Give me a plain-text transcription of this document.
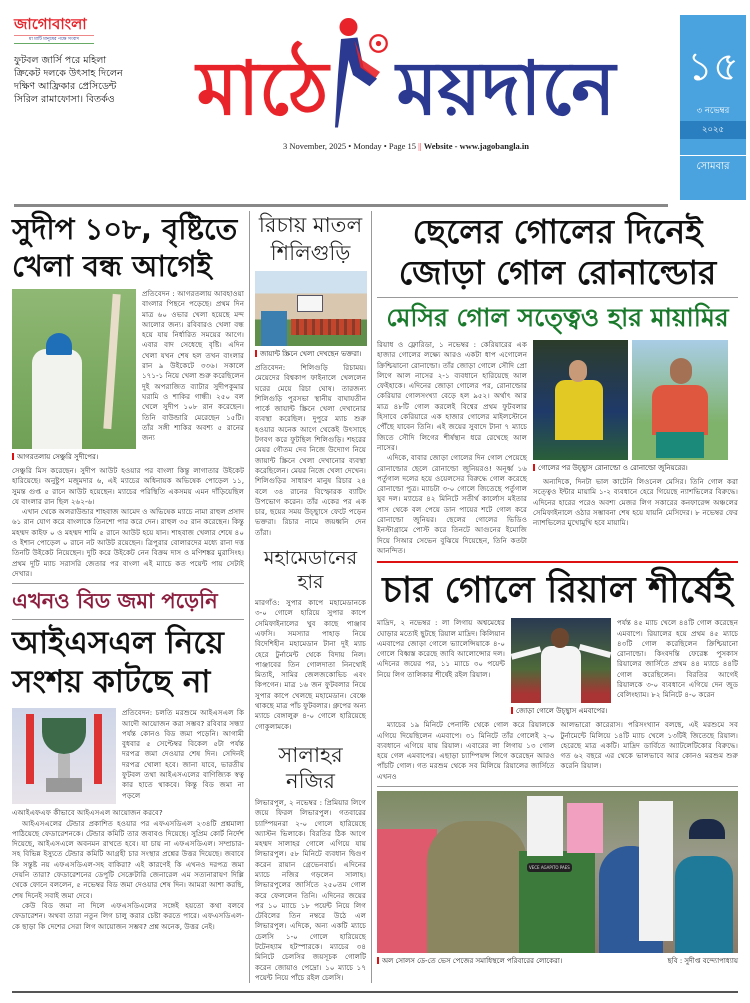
জাগোবাংলা
মা মাটি মানুষের পক্ষে সংবাদ
ফুটবল জার্সি পরে মহিলা ক্রিকেট দলকে উৎসাহ দিলেন দক্ষিণ আফ্রিকার প্রেসিডেন্ট সিরিল রামাফোসা। বিতর্কও মাঠে ময়দানে
3 November, 2025 • Monday • Page 15 || Website - www.jagobangla.in
১৫
৩ নভেম্বর
২০২৫
সোমবার
সুদীপ ১০৮, বৃষ্টিতে খেলা বন্ধ আগেই
আগরতলায় সেঞ্চুরি সুদীপের।
প্রতিবেদন : আগরতলায় আবহাওয়া বাংলার পিছনে পড়েছে। প্রথম দিন মাত্র ৬০ ওভার খেলা হয়েছে মন্দ আলোর জন্য। রবিবারও খেলা বন্ধ হয়ে যায় নির্ধারিত সময়ের আগে। এবার বাদ সেধেছে বৃষ্টি। এদিন খেলা যখন শেষ হল তখন বাংলার রান ৯ উইকেটে ৩৩৬। সকালে ১৭১-১ নিয়ে খেলা শুরু করেছিলেন দুই অপরাজিত ব্যাটার সুদীপকুমার ঘরামি ও শাকির গান্ধী। ২৫০ বল খেলে সুদীপ ১০৮ রান করেছেন। তিনি বাউন্ডারি মেরেছেন ১৫টি। তাঁর সঙ্গী শাকির অবশ্য ৫ রানের জন্য

সেঞ্চুরি মিস করেছেন। সুদীপ আউট হওয়ার পর বাংলা কিন্তু লাগাতার উইকেট হারিয়েছে। অনুষ্টুপ মজুমদার ৬, এই ম্যাচের অধিনায়ক অভিষেক পোড়েল ১১, সুমন্ত গুপ্ত ৫ রানে আউট হয়েছেন। ম্যাচের পরিস্থিতি একসময় এমন দাঁড়িয়েছিল যে বাংলার রান ছিল ২৬২-৬।

এখান থেকে অলরাউন্ডার শাহবাজ আমেদ ও অভিষেক ম্যাচে নামা রাহুল প্রসাদ ৬১ রান যোগ করে বাংলাকে তিনশো পার করে দেন। রাহুল ৩৫ রান করেছেন। কিন্তু মহম্মদ কাইফ ০ ও মহম্মদ শামি ৫ রানে আউট হয়ে যান। শাহবাজ খেলার শেষে ৪০ ও ইশান পোড়েল ০ রানে নট আউট রয়েছেন। ত্রিপুরার বোলারদের মধ্যে রানা দত্ত তিনটি উইকেট নিয়েছেন। দুটি করে উইকেট নেন বিক্রম দাস ও মণিশঙ্কর মুরাসিংহ। প্রথম দুটি ম্যাচ সরাসরি জেতার পর বাংলা এই ম্যাচে কত পয়েন্ট পায় সেটাই দেখার।

এখনও বিড জমা পড়েনি
আইএসএল নিয়ে সংশয় কাটছে না
প্রতিবেদন: চলতি মরশুমে আইএসএল কি আদৌ আয়োজন করা সম্ভব? রবিবার সন্ধ্যা পর্যন্ত কোনও বিড জমা পড়েনি। আগামী বুধবার ৫ সেপ্টেম্বর বিকেল ৫টা পর্যন্ত দরপত্র জমা দেওয়ার শেষ দিন। সেদিনই দরপত্র খোলা হবে। জানা যাবে, ভারতীয় ফুটবল তথা আইএসএলের বাণিজ্যিক স্বত্ব কার হাতে থাকবে। কিন্তু বিড জমা না পড়লে

এআইএফএফ কীভাবে আইএসএল আয়োজন করবে?

আইএসএলের টেন্ডার প্রকাশিত হওয়ার পর এফএসডিএল ২৩৪টি প্রশ্নমালা পাঠিয়েছে ফেডারেশনকে। টেন্ডার কমিটি তার জবাবও দিয়েছে। সুপ্রিম কোর্ট নির্দেশ দিয়েছে, আইএসএলে অবনমন রাখতে হবে। যা চায় না এফএসডিএল। সম্প্রচার-সহ বিভিন্ন ইস্যুতে টেন্ডার কমিটি আগ্রহী চার সংস্থার প্রশ্নের উত্তর দিয়েছে। জবাবে কি সন্তুষ্ট নয় এফএসডিএল-সহ বাকিরা? এই কারণেই কি এখনও দরপত্র জমা দেয়নি তারা? ফেডারেশনের ডেপুটি সেক্রেটারি জেনারেল এম সত্যনারায়ণ দিল্লি থেকে ফোনে বললেন, ৫ নভেম্বর বিড জমা দেওয়ার শেষ দিন। আমরা আশা করছি, শেষ দিনেই সবাই জমা দেবে।

কেউ বিড জমা না দিলে এফএসডিএলের সঙ্গেই হয়তো কথা বলবে ফেডারেশন। অথবা তারা নতুন লিগ চালু করার চেষ্টা করতে পারে। এফএসডিএল-কে ছাড়া কি দেশের সেরা লিগ আয়োজন সম্ভব? প্রশ্ন অনেক, উত্তর নেই।

রিচায় মাতল শিলিগুড়ি
জায়ান্ট স্ক্রিনে খেলা দেখছেন ভক্তরা।
প্রতিবেদন: শিলিগুড়ি রিচাময়। মেয়েদের বিশ্বকাপ ফাইনালে খেললেন ঘরের মেয়ে রিচা ঘোষ। তারজন্য শিলিগুড়ি পুরসভা স্থানীয় বাঘাযতীন পার্কে জায়ান্ট স্ক্রিনে খেলা দেখানোর ব্যবস্থা করেছিল। দুপুরে ম্যাচ শুরু হওয়ার অনেক আগে থেকেই উৎসাহে টগবগ করে ফুটছিল শিলিগুড়ি। শহরের মেয়র গৌতম দেব নিজে উদ্যোগ নিয়ে জায়ান্ট স্ক্রিনে খেলা দেখানোর ব্যবস্থা করেছিলেন। মেয়র নিজে খেলা দেখেন। শিলিগুড়ির সাধারণ মানুষ রিচার ২৪ বলে ৩৪ রানের বিস্ফোরক ব্যাটিং উপভোগ করেন। তাঁর একের পর এক চার, ছয়ের সময় উচ্ছ্বাসে ফেটে পড়েন ভক্তরা। রিচার নামে জয়ধ্বনি দেন তাঁরা।
মহামেডানের হার
মারগাঁও: সুপার কাপে মহামেডানকে ৩-০ গোলে হারিয়ে সুপার কাপে সেমিফাইনালের খুব কাছে পাঞ্জাব এফসি। সমস্যার পাহাড় নিয়ে বিদেশিহীন মহামেডান টানা দুই ম্যাচ হেরে টুর্নামেন্ট থেকে বিদায় নিল। পাঞ্জাবের তিন গোলদাতা নিনথোই মিতাই, সামির জেলজকোভিচ এবং কিপগেন। মাত্র ১৬ জন ফুটবলার নিয়ে সুপার কাপে খেলছে মহামেডান। বেঞ্চে থাকছে মাত্র পাঁচ ফুটবলার। গ্রুপের অন্য ম্যাচে বেঙ্গালুরু ৪-০ গোলে হারিয়েছে গোকুলামকে।
সালাহর নজির
লিভারপুল, ২ নভেম্বর : প্রিমিয়ার লিগে জয়ে ফিরল লিভারপুল। গতবারের চ্যাম্পিয়নরা ২-০ গোলে হারিয়েছে অ্যাস্টন ভিলাকে। বিরতির ঠিক আগে মহম্মদ সালাহর গোলে এগিয়ে যায় লিভারপুল। ৫৮ মিনিটে ব্যবধান দ্বিগুণ করেন রায়ান গ্রেভেনবার্চ। এদিনের ম্যাচে নজির গড়লেন সালাহ। লিভারপুলের জার্সিতে ২৫০তম গোল করে ফেললেন তিনি। এদিনের জয়ের পর ১০ ম্যাচে ১৮ পয়েন্ট নিয়ে লিগ টেবিলের তিন নম্বরে উঠে এল লিভারপুল। এদিকে, অন্য একটি ম্যাচে চেলসি ১-০ গোলে হারিয়েছে টটেনহ্যাম হটস্পারকে। ম্যাচের ৩৪ মিনিটে চেলসির জয়সূচক গোলটি করেন জোয়াও পেদ্রো। ১০ ম্যাচে ১৭ পয়েন্ট নিয়ে পাঁচে রইল চেলসি।
ছেলের গোলের দিনেই জোড়া গোল রোনাল্ডোর
মেসির গোল সত্ত্বেও হার মায়ামির

রিয়াধ ও ফ্লোরিডা, ১ নভেম্বর : কেরিয়ারের এক হাজার গোলের লক্ষ্যে আরও একটা ধাপ এগোলেন ক্রিশ্চিয়ানো রোনাল্ডো। তাঁর জোড়া গোলে সৌদি প্রো লিগে আল নাসের ২-১ ব্যবধানে হারিয়েছে আল ফেইহাকে। এদিনের জোড়া গোলের পর, রোনাল্ডোর কেরিয়ার গোলসংখ্যা বেড়ে হল ৯৫২। অর্থাৎ আর মাত্র ৪৮টি গোল করলেই বিশ্বের প্রথম ফুটবলার হিসাবে কেরিয়ারে এক হাজার গোলের মাইলস্টোনে পৌঁছে যাবেন তিনি। এই জয়ের সুবাদে টানা ৭ ম্যাচে জিতে সৌদি লিগের শীর্ষস্থান ধরে রেখেছে আল নাসের।

এদিকে, বাবার জোড়া গোলের দিন গোল পেয়েছে রোনাল্ডোর ছেলে রোনাল্ডো জুনিয়রও! অনূর্ধ্ব ১৬ পর্তুগাল দলের হয়ে ওয়েলসের বিরুদ্ধে গোল করেছে রোনাল্ডো পুত্র। ম্যাচটা ৩-০ গোলে জিতেছে পর্তুগাল যুব দল। ম্যাচের ৪২ মিনিটে সতীর্থ কার্লোস মইতার পাস থেকে বল পেয়ে ডান পায়ের শটে গোল করে রোনাল্ডো জুনিয়র। ছেলের গোলের ভিডিও ইনস্টাগ্রামে পোস্ট করে তিনটে আগুনের ইমোজি দিয়ে সিআর সেভেন বুঝিয়ে দিয়েছেন, তিনি কতটা আনন্দিত।

গোলের পর উচ্ছ্বাস রোনাল্ডো ও রোনাল্ডো জুনিয়রের।
অন্যদিকে, দিনটা ভাল কাটেনি লিওনেল মেসির। তিনি গোল করা সত্ত্বেও ইন্টার মায়ামি ১-২ ব্যবধানে হেরে গিয়েছে ন্যাশভিলের বিরুদ্ধে। এদিনের হারের পরেও অবশ্য মেজর লিগ সকারের কনফারেন্স অঞ্চলের সেমিফাইনালে ওঠার সম্ভাবনা শেষ হয়ে যায়নি মেসিদের। ৮ নভেম্বর ফের ন্যাশভিলের মুখোমুখি হবে মায়ামি।
চার গোলে রিয়াল শীর্ষেই
মাদ্রিদ, ২ নভেম্বর : লা লিগায় অশ্বমেধের ঘোড়ার মতোই ছুটছে রিয়াল মাদ্রিদ। কিলিয়ান এমবাপের জোড়া গোলে ভ্যালেন্সিয়াকে ৪-০ গোলে বিধ্বস্ত করেছে জাবি আলোন্সোর দল। এদিনের জয়ের পর, ১১ ম্যাচে ৩০ পয়েন্ট নিয়ে লিগ তালিকার শীর্ষেই রইল রিয়াল।
জোড়া গোলে উচ্ছ্বাস এমবাপের।
পর্যন্ত ৪৫ ম্যাচ খেলে ৪৪টি গোল করেছেন এমবাপে। রিয়ালের হয়ে প্রথম ৪৫ ম্যাচে ৪৩টি গোল করেছিলেন ক্রিশ্চিয়ানো রোনাল্ডো। কিংবদন্তি ফেরেঙ্ক পুসকাস রিয়ালের জার্সিতে প্রথম ৪৪ ম্যাচে ৪৪টি গোল করেছিলেন। বিরতির আগেই রিয়ালকে ৩-০ ব্যবধানে এগিয়ে দেন জুড বেলিংহ্যাম। ৮২ মিনিটে ৪-০ করেন
ম্যাচের ১৯ মিনিটে পেনাল্টি থেকে গোল করে রিয়ালকে এগিয়ে দিয়েছিলেন এমবাপে। ৩১ মিনিটে তাঁর গোলেই ২-০ ব্যবধানে এগিয়ে যায় রিয়াল। এবারের লা লিগায় ১৩ গোল হয়ে গেল এমবাপের। এছাড়া চ্যাম্পিয়ন্স লিগে করেছেন আরও পাঁচটি গোল। গত মরশুম থেকে সব মিলিয়ে রিয়ালের জার্সিতে এখনও
আলভারো কারেরাস। পরিসংখ্যান বলছে, এই মরশুমে সব টুর্নামেন্টে মিলিয়ে ১৪টি ম্যাচ খেলে ১৩টিই জিতেছে রিয়াল। হেরেছে মাত্র একটি। মাদ্রিদ ডার্বিতে অ্যাটলেটিকোর বিরুদ্ধে। গত ৬২ বছরে এর থেকে ভালভাবে আর কোনও মরশুম শুরু করেনি রিয়াল।
VECE AGAPITO PAES
অল সোলস ডে-তে ভেস পেজের সমাধিস্থলে পরিবারের লোকেরা।	ছবি : সুদীপ্ত বন্দ্যোপাধ্যায়
